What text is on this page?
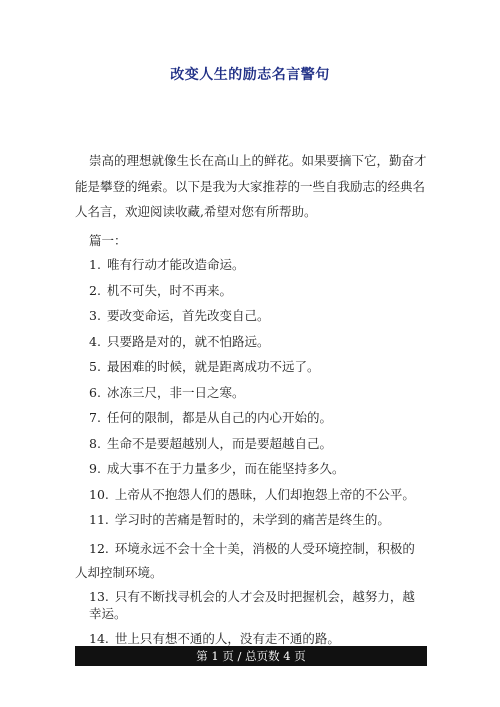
改变人生的励志名言警句

崇高的理想就像生长在高山上的鲜花。如果要摘下它，勤奋才能是攀登的绳索。以下是我为大家推荐的一些自我励志的经典名人名言，欢迎阅读收藏,希望对您有所帮助。

篇一：

1. 唯有行动才能改造命运。
2. 机不可失，时不再来。
3. 要改变命运，首先改变自己。
4. 只要路是对的，就不怕路远。
5. 最困难的时候，就是距离成功不远了。
6. 冰冻三尺，非一日之寒。
7. 任何的限制，都是从自己的内心开始的。
8. 生命不是要超越别人，而是要超越自己。
9. 成大事不在于力量多少，而在能坚持多久。
10. 上帝从不抱怨人们的愚昧，人们却抱怨上帝的不公平。
11. 学习时的苦痛是暂时的，未学到的痛苦是终生的。
12. 环境永远不会十全十美，消极的人受环境控制，积极的人却控制环境。
13. 只有不断找寻机会的人才会及时把握机会，越努力，越幸运。
14. 世上只有想不通的人，没有走不通的路。
第 1 页 / 总页数 4 页
